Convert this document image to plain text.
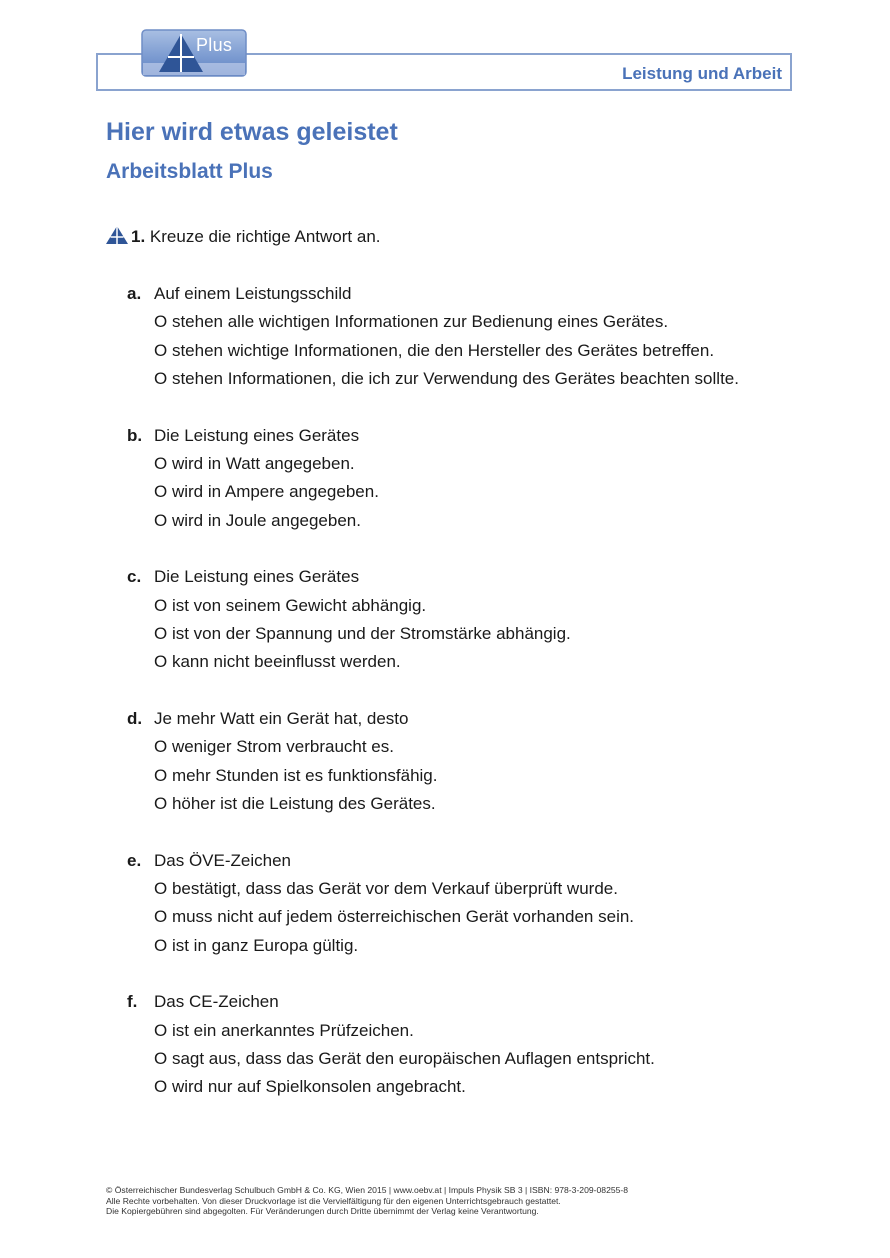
Leistung und Arbeit
Plus
Hier wird etwas geleistet
Arbeitsblatt Plus
1. Kreuze die richtige Antwort an.
a. Auf einem Leistungsschild
O stehen alle wichtigen Informationen zur Bedienung eines Gerätes.
O stehen wichtige Informationen, die den Hersteller des Gerätes betreffen.
O stehen Informationen, die ich zur Verwendung des Gerätes beachten sollte.
b. Die Leistung eines Gerätes
O wird in Watt angegeben.
O wird in Ampere angegeben.
O wird in Joule angegeben.
c. Die Leistung eines Gerätes
O ist von seinem Gewicht abhängig.
O ist von der Spannung und der Stromstärke abhängig.
O kann nicht beeinflusst werden.
d. Je mehr Watt ein Gerät hat, desto
O weniger Strom verbraucht es.
O mehr Stunden ist es funktionsfähig.
O höher ist die Leistung des Gerätes.
e. Das ÖVE-Zeichen
O bestätigt, dass das Gerät vor dem Verkauf überprüft wurde.
O muss nicht auf jedem österreichischen Gerät vorhanden sein.
O ist in ganz Europa gültig.
f. Das CE-Zeichen
O ist ein anerkanntes Prüfzeichen.
O sagt aus, dass das Gerät den europäischen Auflagen entspricht.
O wird nur auf Spielkonsolen angebracht.
© Österreichischer Bundesverlag Schulbuch GmbH & Co. KG, Wien 2015 | www.oebv.at | Impuls Physik SB 3 | ISBN: 978-3-209-08255-8
Alle Rechte vorbehalten. Von dieser Druckvorlage ist die Vervielfältigung für den eigenen Unterrichtsgebrauch gestattet.
Die Kopiergebühren sind abgegolten. Für Veränderungen durch Dritte übernimmt der Verlag keine Verantwortung.
